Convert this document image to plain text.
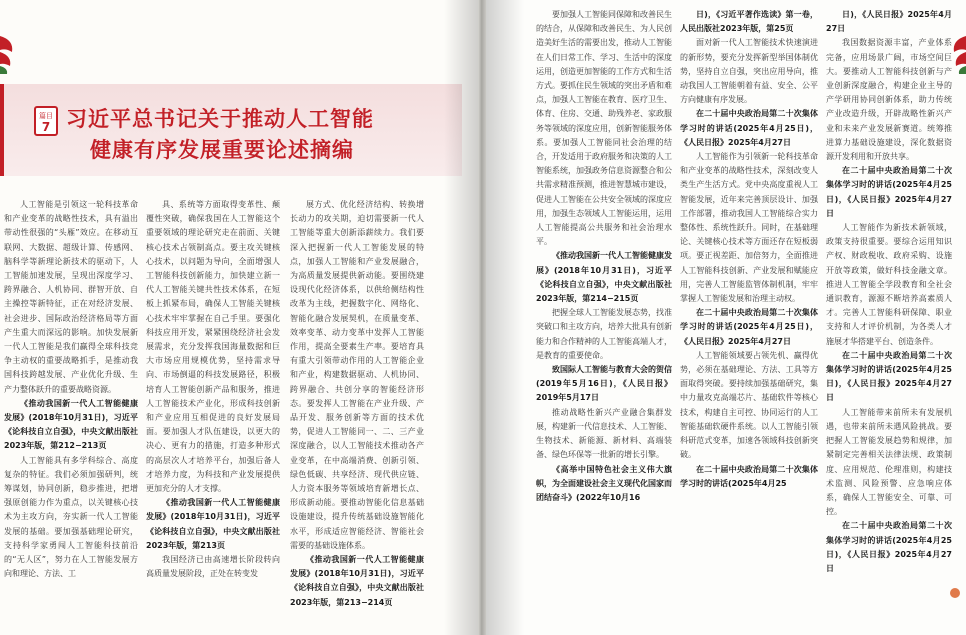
篇目
7 习近平总书记关于推动人工智能
健康有序发展重要论述摘编

人工智能是引领这一轮科技革命和产业变革的战略性技术，具有溢出带动性很强的“头雁”效应。在移动互联网、大数据、超级计算、传感网、脑科学等新理论新技术的驱动下，人工智能加速发展，呈现出深度学习、跨界融合、人机协同、群智开放、自主操控等新特征，正在对经济发展、社会进步、国际政治经济格局等方面产生重大而深远的影响。加快发展新一代人工智能是我们赢得全球科技竞争主动权的重要战略抓手，是推动我国科技跨越发展、产业优化升级、生产力整体跃升的重要战略资源。

《推动我国新一代人工智能健康发展》(2018年10月31日)，习近平《论科技自立自强》，中央文献出版社2023年版，第212−213页

人工智能具有多学科综合、高度复杂的特征。我们必须加强研判，统筹谋划，协同创新，稳步推进，把增强原创能力作为重点，以关键核心技术为主攻方向，夯实新一代人工智能发展的基础。要加强基础理论研究，支持科学家勇闯人工智能科技前沿的“无人区”，努力在人工智能发展方向和理论、方法、工

具、系统等方面取得变革性、颠覆性突破，确保我国在人工智能这个重要领域的理论研究走在前面、关键核心技术占领制高点。要主攻关键核心技术，以问题为导向，全面增强人工智能科技创新能力，加快建立新一代人工智能关键共性技术体系，在短板上抓紧布局，确保人工智能关键核心技术牢牢掌握在自己手里。要强化科技应用开发，紧紧围绕经济社会发展需求，充分发挥我国海量数据和巨大市场应用规模优势，坚持需求导向、市场倒逼的科技发展路径，积极培育人工智能创新产品和服务，推进人工智能技术产业化，形成科技创新和产业应用互相促进的良好发展局面。要加强人才队伍建设，以更大的决心、更有力的措施，打造多种形式的高层次人才培养平台，加强后备人才培养力度，为科技和产业发展提供更加充分的人才支撑。

《推动我国新一代人工智能健康发展》(2018年10月31日)，习近平《论科技自立自强》，中央文献出版社2023年版，第213页

我国经济已由高速增长阶段转向高质量发展阶段，正处在转变发

展方式、优化经济结构、转换增长动力的攻关期，迫切需要新一代人工智能等重大创新添薪续力。我们要深入把握新一代人工智能发展的特点，加强人工智能和产业发展融合，为高质量发展提供新动能。要围绕建设现代化经济体系，以供给侧结构性改革为主线，把握数字化、网络化、智能化融合发展契机，在质量变革、效率变革、动力变革中发挥人工智能作用，提高全要素生产率。要培育具有重大引领带动作用的人工智能企业和产业，构建数据驱动、人机协同、跨界融合、共创分享的智能经济形态。要发挥人工智能在产业升级、产品开发、服务创新等方面的技术优势，促进人工智能同一、二、三产业深度融合，以人工智能技术推动各产业变革，在中高端消费、创新引领、绿色低碳、共享经济、现代供应链、人力资本服务等领域培育新增长点、形成新动能。要推动智能化信息基础设施建设，提升传统基础设施智能化水平，形成适应智能经济、智能社会需要的基础设施体系。

《推动我国新一代人工智能健康发展》(2018年10月31日)，习近平《论科技自立自强》，中央文献出版社2023年版，第213−214页

要加强人工智能同保障和改善民生的结合，从保障和改善民生、为人民创造美好生活的需要出发，推动人工智能在人们日常工作、学习、生活中的深度运用，创造更加智能的工作方式和生活方式。要抓住民生领域的突出矛盾和难点，加强人工智能在教育、医疗卫生、体育、住房、交通、助残养老、家政服务等领域的深度应用，创新智能服务体系。要加强人工智能同社会治理的结合，开发适用于政府服务和决策的人工智能系统，加强政务信息资源整合和公共需求精准预测，推进智慧城市建设，促进人工智能在公共安全领域的深度应用，加强生态领域人工智能运用，运用人工智能提高公共服务和社会治理水平。

《推动我国新一代人工智能健康发展》(2018年10月31日)，习近平《论科技自立自强》，中央文献出版社2023年版，第214−215页

把握全球人工智能发展态势，找准突破口和主攻方向，培养大批具有创新能力和合作精神的人工智能高端人才，是教育的重要使命。

致国际人工智能与教育大会的贺信(2019年5月16日)，《人民日报》2019年5月17日

推动战略性新兴产业融合集群发展，构建新一代信息技术、人工智能、生物技术、新能源、新材料、高端装备、绿色环保等一批新的增长引擎。

《高举中国特色社会主义伟大旗帜，为全面建设社会主义现代化国家而团结奋斗》(2022年10月16

日)，《习近平著作选读》第一卷，人民出版社2023年版，第25页

面对新一代人工智能技术快速演进的新形势，要充分发挥新型举国体制优势，坚持自立自强，突出应用导向，推动我国人工智能朝着有益、安全、公平方向健康有序发展。

在二十届中央政治局第二十次集体学习时的讲话(2025年4月25日)，《人民日报》2025年4月27日

人工智能作为引领新一轮科技革命和产业变革的战略性技术，深刻改变人类生产生活方式。党中央高度重视人工智能发展，近年来完善顶层设计、加强工作部署，推动我国人工智能综合实力整体性、系统性跃升。同时，在基础理论、关键核心技术等方面还存在短板弱项。要正视差距、加倍努力，全面推进人工智能科技创新、产业发展和赋能应用，完善人工智能监管体制机制，牢牢掌握人工智能发展和治理主动权。

在二十届中央政治局第二十次集体学习时的讲话(2025年4月25日)，《人民日报》2025年4月27日

人工智能领域要占领先机、赢得优势，必须在基础理论、方法、工具等方面取得突破。要持续加强基础研究，集中力量攻克高端芯片、基础软件等核心技术，构建自主可控、协同运行的人工智能基础软硬件系统。以人工智能引领科研范式变革，加速各领域科技创新突破。

在二十届中央政治局第二十次集体学习时的讲话(2025年4月25

日)，《人民日报》2025年4月27日

我国数据资源丰富，产业体系完备，应用场景广阔，市场空间巨大。要推动人工智能科技创新与产业创新深度融合，构建企业主导的产学研用协同创新体系，助力传统产业改造升级，开辟战略性新兴产业和未来产业发展新赛道。统筹推进算力基础设施建设，深化数据资源开发利用和开放共享。

在二十届中央政治局第二十次集体学习时的讲话(2025年4月25日)，《人民日报》2025年4月27日

人工智能作为新技术新领域，政策支持很重要。要综合运用知识产权、财政税收、政府采购、设施开放等政策，做好科技金融文章。推进人工智能全学段教育和全社会通识教育，源源不断培养高素质人才。完善人工智能科研保障、职业支持和人才评价机制，为各类人才施展才华搭建平台、创造条件。

在二十届中央政治局第二十次集体学习时的讲话(2025年4月25日)，《人民日报》2025年4月27日

人工智能带来前所未有发展机遇，也带来前所未遇风险挑战。要把握人工智能发展趋势和规律，加紧制定完善相关法律法规、政策制度、应用规范、伦理准则，构建技术监测、风险预警、应急响应体系，确保人工智能安全、可靠、可控。

在二十届中央政治局第二十次集体学习时的讲话(2025年4月25日)，《人民日报》2025年4月27日
